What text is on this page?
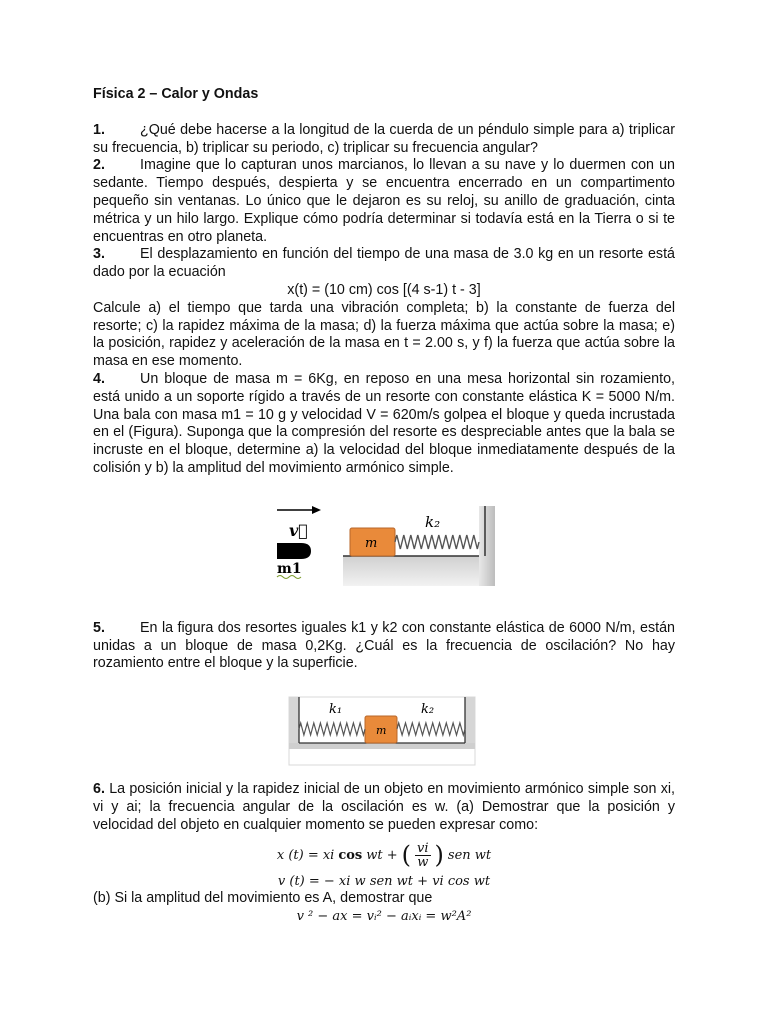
Física 2 – Calor y Ondas
1. ¿Qué debe hacerse a la longitud de la cuerda de un péndulo simple para a) triplicar su frecuencia, b) triplicar su periodo, c) triplicar su frecuencia angular?
2. Imagine que lo capturan unos marcianos, lo llevan a su nave y lo duermen con un sedante. Tiempo después, despierta y se encuentra encerrado en un compartimento pequeño sin ventanas. Lo único que le dejaron es su reloj, su anillo de graduación, cinta métrica y un hilo largo. Explique cómo podría determinar si todavía está en la Tierra o si te encuentras en otro planeta.
3. El desplazamiento en función del tiempo de una masa de 3.0 kg en un resorte está dado por la ecuación
x(t) = (10 cm) cos [(4 s-1) t - 3]
Calcule a) el tiempo que tarda una vibración completa; b) la constante de fuerza del resorte; c) la rapidez máxima de la masa; d) la fuerza máxima que actúa sobre la masa; e) la posición, rapidez y aceleración de la masa en t = 2.00 s, y f) la fuerza que actúa sobre la masa en ese momento.
4. Un bloque de masa m = 6Kg, en reposo en una mesa horizontal sin rozamiento, está unido a un soporte rígido a través de un resorte con constante elástica K = 5000 N/m. Una bala con masa m1 = 10 g y velocidad V = 620m/s golpea el bloque y queda incrustada en el (Figura). Suponga que la compresión del resorte es despreciable antes que la bala se incruste en el bloque, determine a) la velocidad del bloque inmediatamente después de la colisión y b) la amplitud del movimiento armónico simple.
v⃗
m1
m
k₂
5. En la figura dos resortes iguales k1 y k2 con constante elástica de 6000 N/m, están unidas a un bloque de masa 0,2Kg. ¿Cuál es la frecuencia de oscilación? No hay rozamiento entre el bloque y la superficie.
m
k₁	k₂
6. La posición inicial y la rapidez inicial de un objeto en movimiento armónico simple son xi, vi y ai; la frecuencia angular de la oscilación es w. (a) Demostrar que la posición y velocidad del objeto en cualquier momento se pueden expresar como:
x (t) = xi cos wt + ( $\frac{vi}{w}$ ) sen wt
v (t) = − xi w sen wt + vi cos wt
(b) Si la amplitud del movimiento es A, demostrar que
v ² − ax = vᵢ² − aᵢxᵢ = w²A²
